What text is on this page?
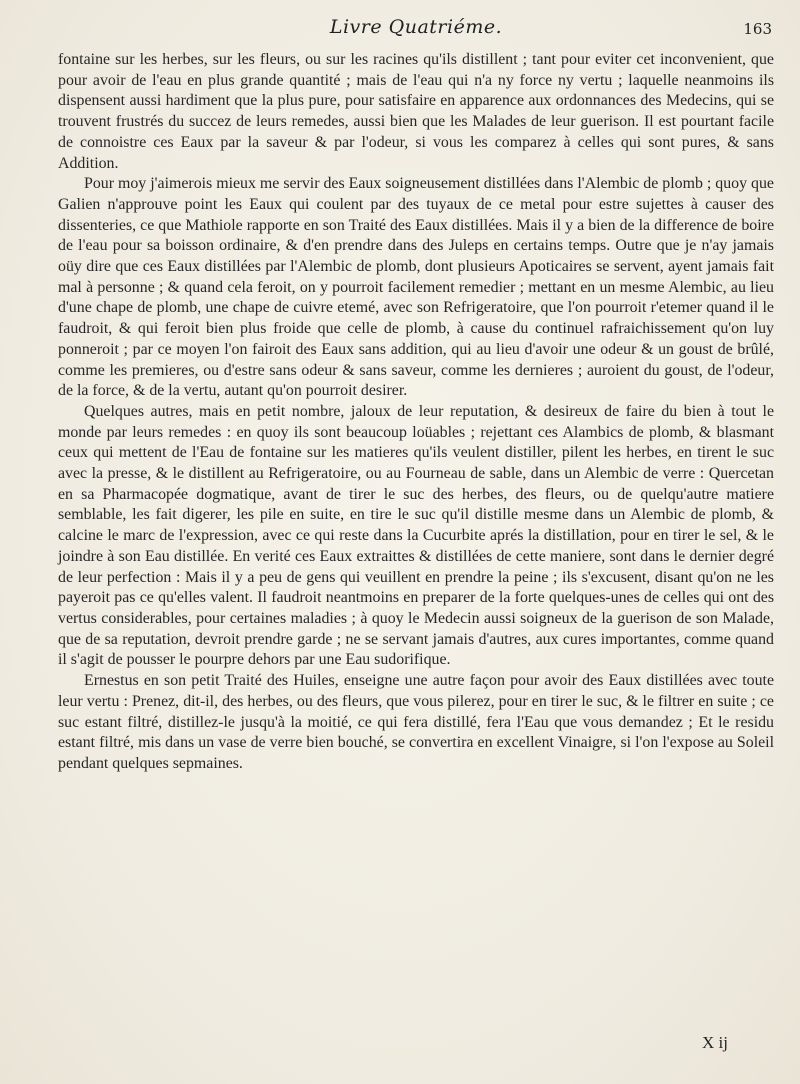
Livre Quatriéme.	163

fontaine sur les herbes, sur les fleurs, ou sur les racines qu'ils distillent ; tant pour eviter cet inconvenient, que pour avoir de l'eau en plus grande quantité ; mais de l'eau qui n'a ny force ny vertu ; laquelle neanmoins ils dispensent aussi hardiment que la plus pure, pour satisfaire en apparence aux ordonnances des Medecins, qui se trouvent frustrés du succez de leurs remedes, aussi bien que les Malades de leur guerison. Il est pourtant facile de connoistre ces Eaux par la saveur & par l'odeur, si vous les comparez à celles qui sont pures, & sans Addition.

Pour moy j'aimerois mieux me servir des Eaux soigneusement distillées dans l'Alembic de plomb ; quoy que Galien n'approuve point les Eaux qui coulent par des tuyaux de ce metal pour estre sujettes à causer des dissenteries, ce que Mathiole rapporte en son Traité des Eaux distillées. Mais il y a bien de la difference de boire de l'eau pour sa boisson ordinaire, & d'en prendre dans des Juleps en certains temps. Outre que je n'ay jamais oüy dire que ces Eaux distillées par l'Alembic de plomb, dont plusieurs Apoticaires se servent, ayent jamais fait mal à personne ; & quand cela feroit, on y pourroit facilement remedier ; mettant en un mesme Alembic, au lieu d'une chape de plomb, une chape de cuivre etemé, avec son Refrigeratoire, que l'on pourroit r'etemer quand il le faudroit, & qui feroit bien plus froide que celle de plomb, à cause du continuel rafraichissement qu'on luy ponneroit ; par ce moyen l'on fairoit des Eaux sans addition, qui au lieu d'avoir une odeur & un goust de brûlé, comme les premieres, ou d'estre sans odeur & sans saveur, comme les dernieres ; auroient du goust, de l'odeur, de la force, & de la vertu, autant qu'on pourroit desirer.

Quelques autres, mais en petit nombre, jaloux de leur reputation, & desireux de faire du bien à tout le monde par leurs remedes : en quoy ils sont beaucoup loüables ; rejettant ces Alambics de plomb, & blasmant ceux qui mettent de l'Eau de fontaine sur les matieres qu'ils veulent distiller, pilent les herbes, en tirent le suc avec la presse, & le distillent au Refrigeratoire, ou au Fourneau de sable, dans un Alembic de verre : Quercetan en sa Pharmacopée dogmatique, avant de tirer le suc des herbes, des fleurs, ou de quelqu'autre matiere semblable, les fait digerer, les pile en suite, en tire le suc qu'il distille mesme dans un Alembic de plomb, & calcine le marc de l'expression, avec ce qui reste dans la Cucurbite aprés la distillation, pour en tirer le sel, & le joindre à son Eau distillée. En verité ces Eaux extraittes & distillées de cette maniere, sont dans le dernier degré de leur perfection : Mais il y a peu de gens qui veuillent en prendre la peine ; ils s'excusent, disant qu'on ne les payeroit pas ce qu'elles valent. Il faudroit neantmoins en preparer de la forte quelques-unes de celles qui ont des vertus considerables, pour certaines maladies ; à quoy le Medecin aussi soigneux de la guerison de son Malade, que de sa reputation, devroit prendre garde ; ne se servant jamais d'autres, aux cures importantes, comme quand il s'agit de pousser le pourpre dehors par une Eau sudorifique.

Ernestus en son petit Traité des Huiles, enseigne une autre façon pour avoir des Eaux distillées avec toute leur vertu : Prenez, dit-il, des herbes, ou des fleurs, que vous pilerez, pour en tirer le suc, & le filtrer en suite ; ce suc estant filtré, distillez-le jusqu'à la moitié, ce qui fera distillé, fera l'Eau que vous demandez ; Et le residu estant filtré, mis dans un vase de verre bien bouché, se convertira en excellent Vinaigre, si l'on l'expose au Soleil pendant quelques sepmaines.

X ij
